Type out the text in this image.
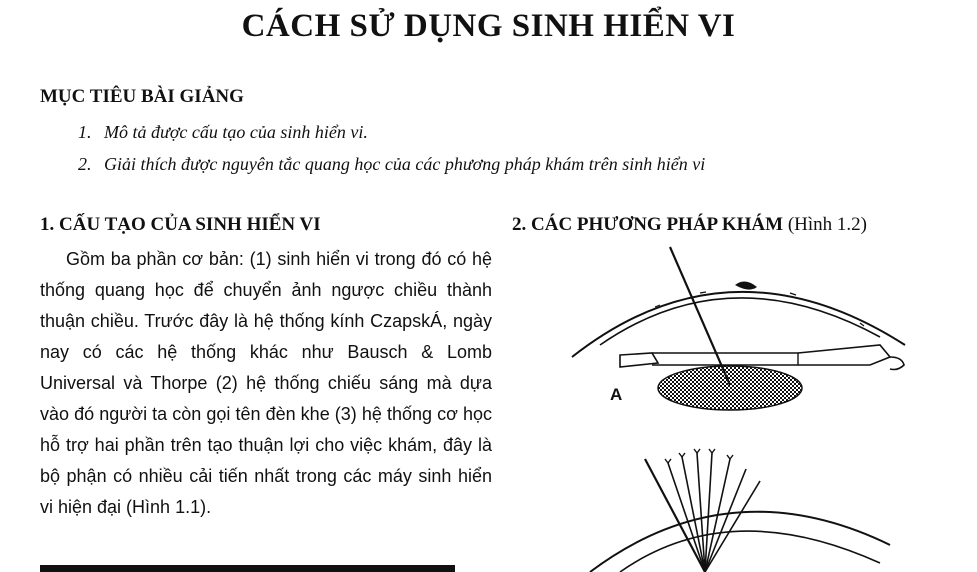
CÁCH SỬ DỤNG SINH HIỂN VI
MỤC TIÊU BÀI GIẢNG
1. Mô tả được cấu tạo của sinh hiển vi.
2. Giải thích được nguyên tắc quang học của các phương pháp khám trên sinh hiển vi
1. CẤU TẠO CỦA SINH HIỂN VI

Gồm ba phần cơ bản: (1) sinh hiển vi trong đó có hệ thống quang học để chuyển ảnh ngược chiều thành thuận chiều. Trước đây là hệ thống kính CzapskÁ, ngày nay có các hệ thống khác như Bausch & Lomb Universal và Thorpe (2) hệ thống chiếu sáng mà dựa vào đó người ta còn gọi tên đèn khe (3) hệ thống cơ học hỗ trợ hai phần trên tạo thuận lợi cho việc khám, đây là bộ phận có nhiều cải tiến nhất trong các máy sinh hiển vi hiện đại (Hình 1.1).

2. CÁC PHƯƠNG PHÁP KHÁM (Hình 1.2)
A
